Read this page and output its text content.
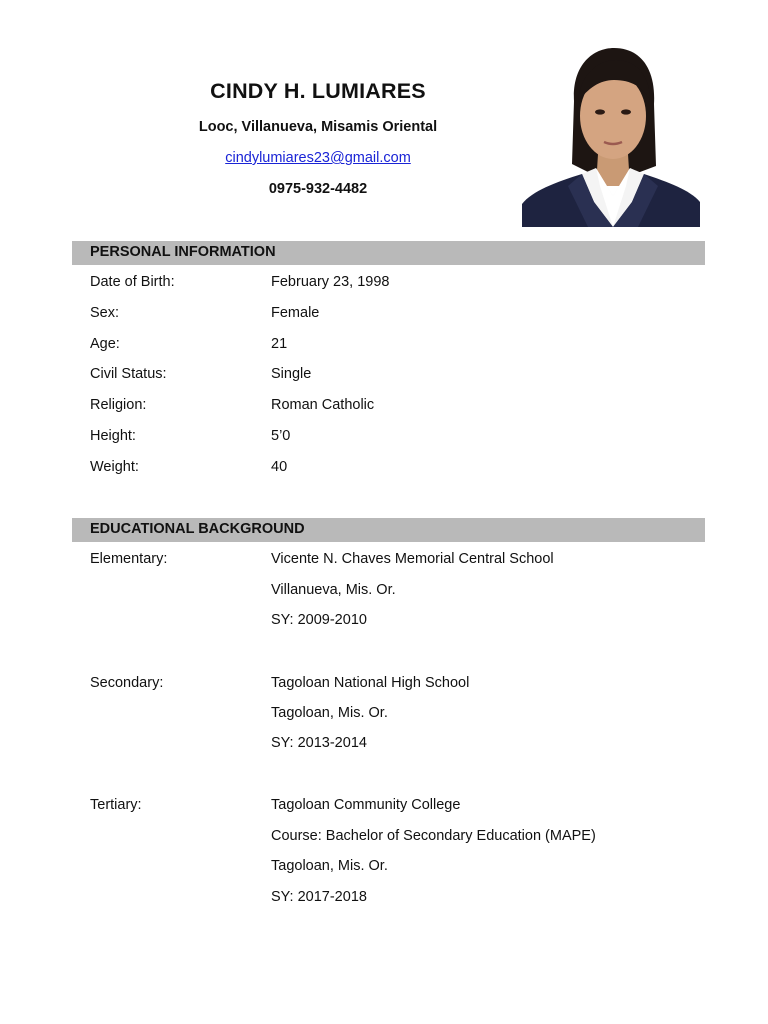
CINDY H. LUMIARES
Looc, Villanueva, Misamis Oriental
cindylumiares23@gmail.com
0975-932-4482
PERSONAL INFORMATION
Date of Birth:	February 23, 1998
Sex:	Female
Age:	21
Civil Status:	Single
Religion:	Roman Catholic
Height:	5’0
Weight:	40
EDUCATIONAL BACKGROUND
Elementary:	Vicente N. Chaves Memorial Central School
Villanueva, Mis. Or.
SY: 2009-2010
Secondary:	Tagoloan National High School
Tagoloan, Mis. Or.
SY: 2013-2014
Tertiary:	Tagoloan Community College
Course: Bachelor of Secondary Education (MAPE)
Tagoloan, Mis. Or.
SY: 2017-2018
